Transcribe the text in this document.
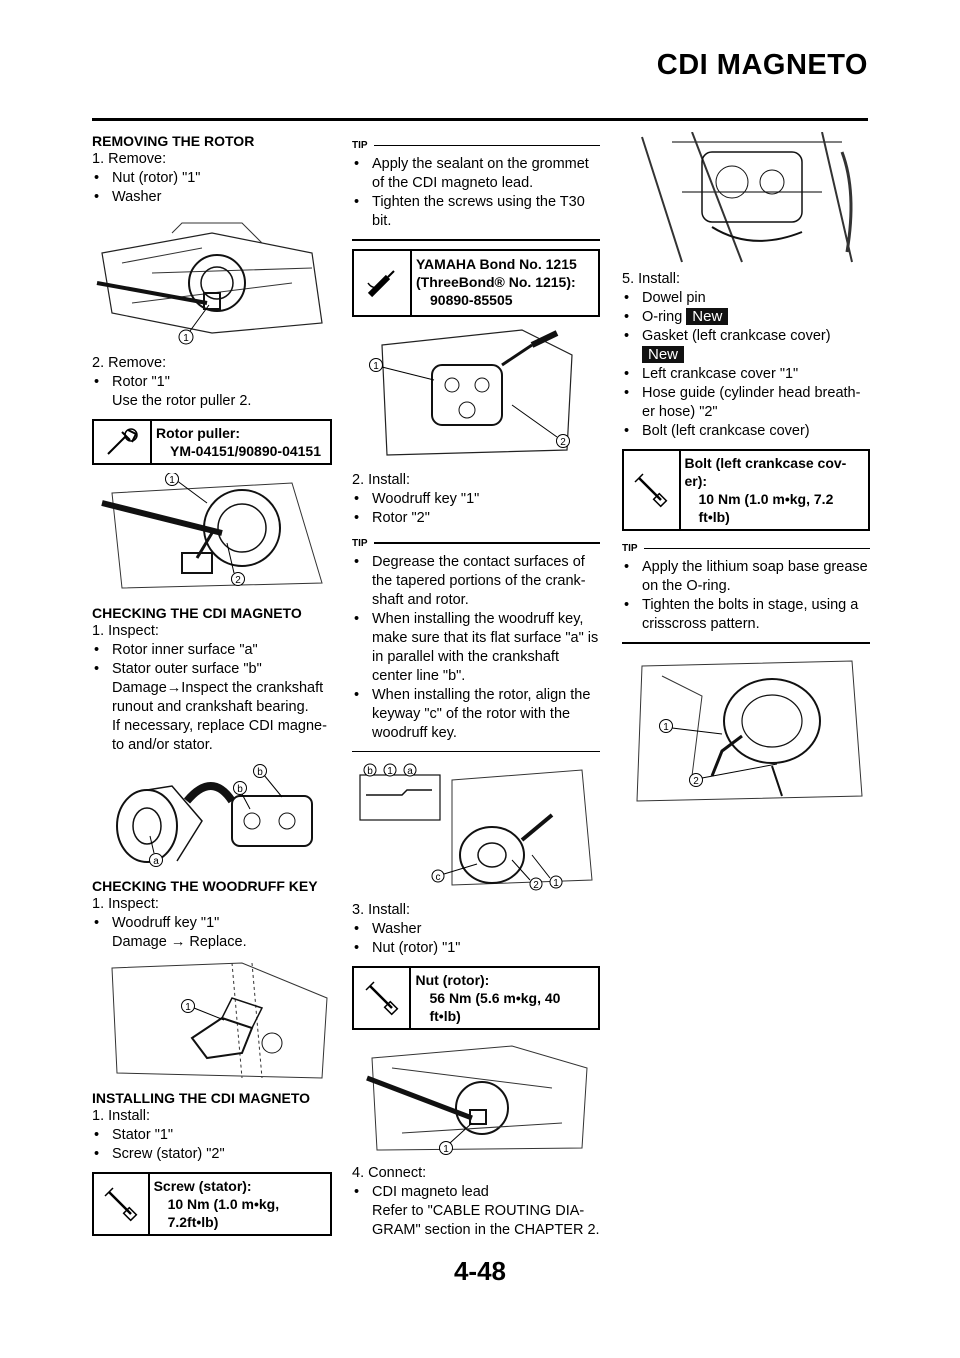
CDI MAGNETO
REMOVING THE ROTOR
1. Remove:
• Nut (rotor) "1"
• Washer
1
2. Remove:
• Rotor "1"
Use the rotor puller 2.
Rotor puller:
YM-04151/90890-04151
1
2
CHECKING THE CDI MAGNETO
1. Inspect:
• Rotor inner surface "a"
• Stator outer surface "b"
Damage→Inspect the crankshaft runout and crankshaft bearing.
If necessary, replace CDI magne-to and/or stator.
b
b
a
CHECKING THE WOODRUFF KEY
1. Inspect:
• Woodruff key "1"
Damage → Replace.
1
INSTALLING THE CDI MAGNETO
1. Install:
• Stator "1"
• Screw (stator) "2"
Screw (stator):
10 Nm (1.0 m•kg, 7.2ft•lb)
TIP
• Apply the sealant on the grommet of the CDI magneto lead.
• Tighten the screws using the T30 bit.
YAMAHA Bond No. 1215
(ThreeBond® No. 1215):
90890-85505
1
2
2. Install:
• Woodruff key "1"
• Rotor "2"
TIP
• Degrease the contact surfaces of the tapered portions of the crank-shaft and rotor.
• When installing the woodruff key, make sure that its flat surface "a" is in parallel with the crankshaft center line "b".
• When installing the rotor, align the keyway "c" of the rotor with the woodruff key.
b 1 a
c
2 1
3. Install:
• Washer
• Nut (rotor) "1"
Nut (rotor):
56 Nm (5.6 m•kg, 40 ft•lb)
1
4. Connect:
• CDI magneto lead
Refer to "CABLE ROUTING DIA-GRAM" section in the CHAPTER 2.
5. Install:
• Dowel pin
• O-ring New
• Gasket (left crankcase cover)
New
• Left crankcase cover "1"
• Hose guide (cylinder head breath-er hose) "2"
• Bolt (left crankcase cover)
Bolt (left crankcase cov-er):
10 Nm (1.0 m•kg, 7.2 ft•lb)
TIP
• Apply the lithium soap base grease on the O-ring.
• Tighten the bolts in stage, using a crisscross pattern.
1
2
4-48
